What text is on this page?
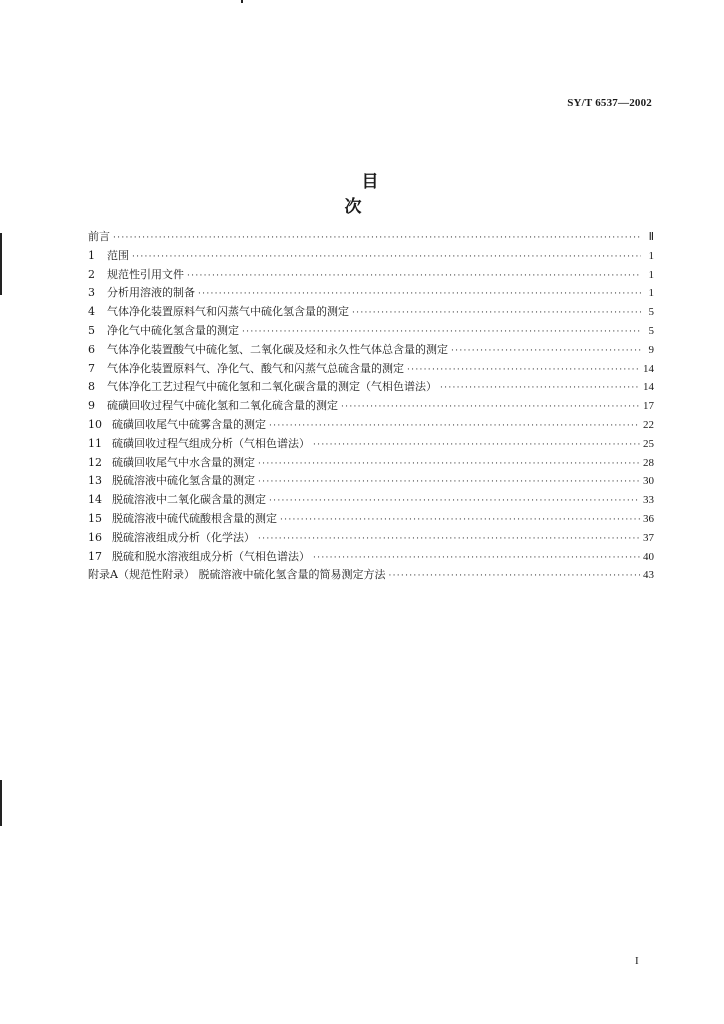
SY/T 6537—2002
目 次
前言 ·····	Ⅱ
1	范围 ·····	1
2	规范性引用文件 ·····	1
3	分析用溶液的制备 ·····	1
4	气体净化装置原料气和闪蒸气中硫化氢含量的测定 ·····	5
5	净化气中硫化氢含量的测定 ·····	5
6	气体净化装置酸气中硫化氢、二氧化碳及烃和永久性气体总含量的测定 ·····	9
7	气体净化装置原料气、净化气、酸气和闪蒸气总硫含量的测定 ·····	14
8	气体净化工艺过程气中硫化氢和二氧化碳含量的测定（气相色谱法） ·····	14
9	硫磺回收过程气中硫化氢和二氧化硫含量的测定 ·····	17
10 硫磺回收尾气中硫雾含量的测定 ·····	22
11 硫磺回收过程气组成分析（气相色谱法） ·····	25
12 硫磺回收尾气中水含量的测定 ·····	28
13 脱硫溶液中硫化氢含量的测定 ·····	30
14 脱硫溶液中二氧化碳含量的测定 ·····	33
15 脱硫溶液中硫代硫酸根含量的测定 ·····	36
16 脱硫溶液组成分析（化学法） ·····	37
17 脱硫和脱水溶液组成分析（气相色谱法） ·····	40
附录A（规范性附录） 脱硫溶液中硫化氢含量的简易测定方法 ·····	43
I
